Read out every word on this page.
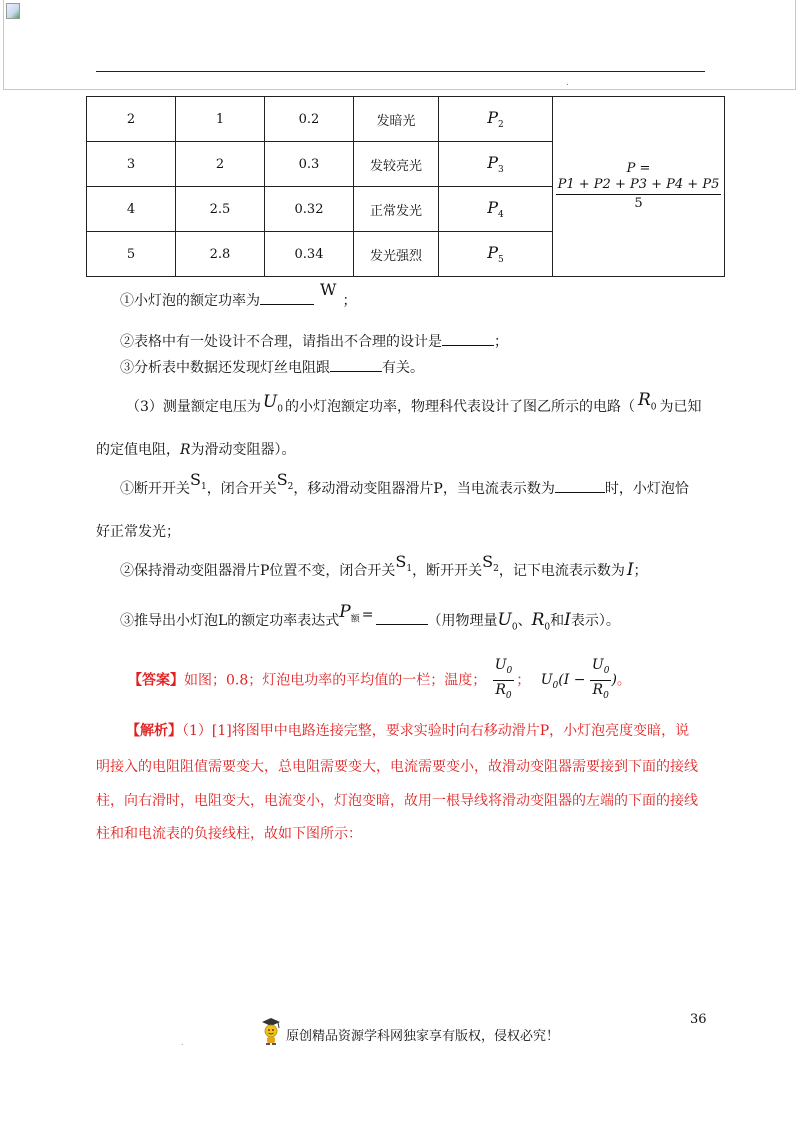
.
2	1	0.2	发暗光	$P_2$	P =
$\frac{P1 + P2 + P3 + P4 + P5}{5}$

3	2	0.3	发较亮光	$P_3$
4	2.5	0.32	正常发光	$P_4$
5	2.8	0.34	发光强烈	$P_5$
①小灯泡的额定功率为W；
②表格中有一处设计不合理，请指出不合理的设计是	；
③分析表中数据还发现灯丝电阻跟	有关。
（3）测量额定电压为 $U_0$ 的小灯泡额定功率，物理科代表设计了图乙所示的电路（ $R_0$ 为已知
的定值电阻，R为滑动变阻器）。
①断开开关$S_1$，闭合开关$S_2$，移动滑动变阻器滑片P，当电流表示数为	时，小灯泡恰
好正常发光；
②保持滑动变阻器滑片P位置不变，闭合开关$S_1$，断开开关$S_2$，记下电流表示数为 I；
③推导出小灯泡L的额定功率表达式$P_额$ =	（用物理量$U_0$、$R_0$和I表示）。
【答案】如图；0.8；灯泡电功率的平均值的一栏；温度； $\frac{U_0}{R_0}$ ； $U_0(I - \frac{U_0}{R_0}$ )。
【解析】（1）[1]将图甲中电路连接完整，要求实验时向右移动滑片P，小灯泡亮度变暗，说
明接入的电阻阻值需要变大，总电阻需要变大，电流需要变小，故滑动变阻器需要接到下面的接线
柱，向右滑时，电阻变大，电流变小，灯泡变暗，故用一根导线将滑动变阻器的左端的下面的接线
柱和和电流表的负接线柱，故如下图所示：
36
.	原创精品资源学科网独家享有版权，侵权必究！
